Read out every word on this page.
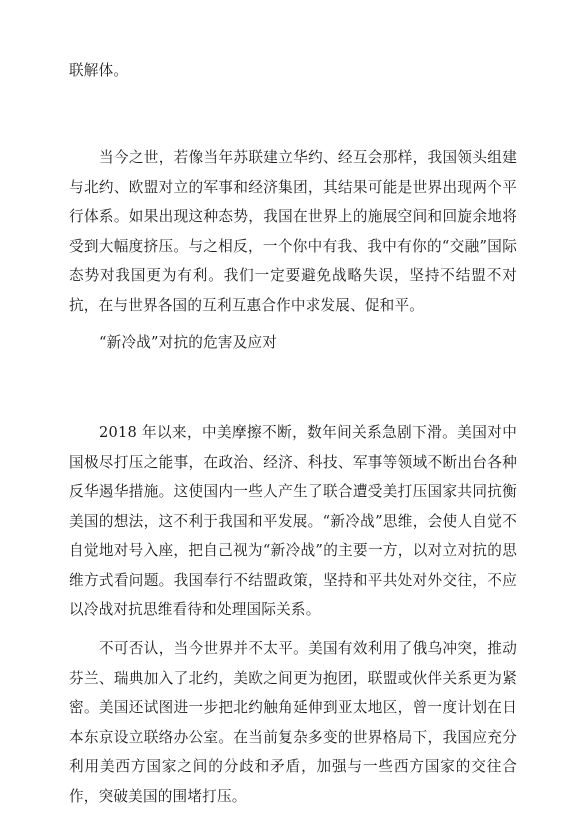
联解体。

当今之世，若像当年苏联建立华约、经互会那样，我国领头组建与北约、欧盟对立的军事和经济集团，其结果可能是世界出现两个平行体系。如果出现这种态势，我国在世界上的施展空间和回旋余地将受到大幅度挤压。与之相反，一个你中有我、我中有你的“交融”国际态势对我国更为有利。我们一定要避免战略失误，坚持不结盟不对抗，在与世界各国的互利互惠合作中求发展、促和平。

“新冷战”对抗的危害及应对

2018 年以来，中美摩擦不断，数年间关系急剧下滑。美国对中国极尽打压之能事，在政治、经济、科技、军事等领域不断出台各种反华遏华措施。这使国内一些人产生了联合遭受美打压国家共同抗衡美国的想法，这不利于我国和平发展。“新冷战”思维，会使人自觉不自觉地对号入座，把自己视为“新冷战”的主要一方，以对立对抗的思维方式看问题。我国奉行不结盟政策，坚持和平共处对外交往，不应以冷战对抗思维看待和处理国际关系。

不可否认，当今世界并不太平。美国有效利用了俄乌冲突，推动芬兰、瑞典加入了北约，美欧之间更为抱团，联盟或伙伴关系更为紧密。美国还试图进一步把北约触角延伸到亚太地区，曾一度计划在日本东京设立联络办公室。在当前复杂多变的世界格局下，我国应充分利用美西方国家之间的分歧和矛盾，加强与一些西方国家的交往合作，突破美国的围堵打压。
